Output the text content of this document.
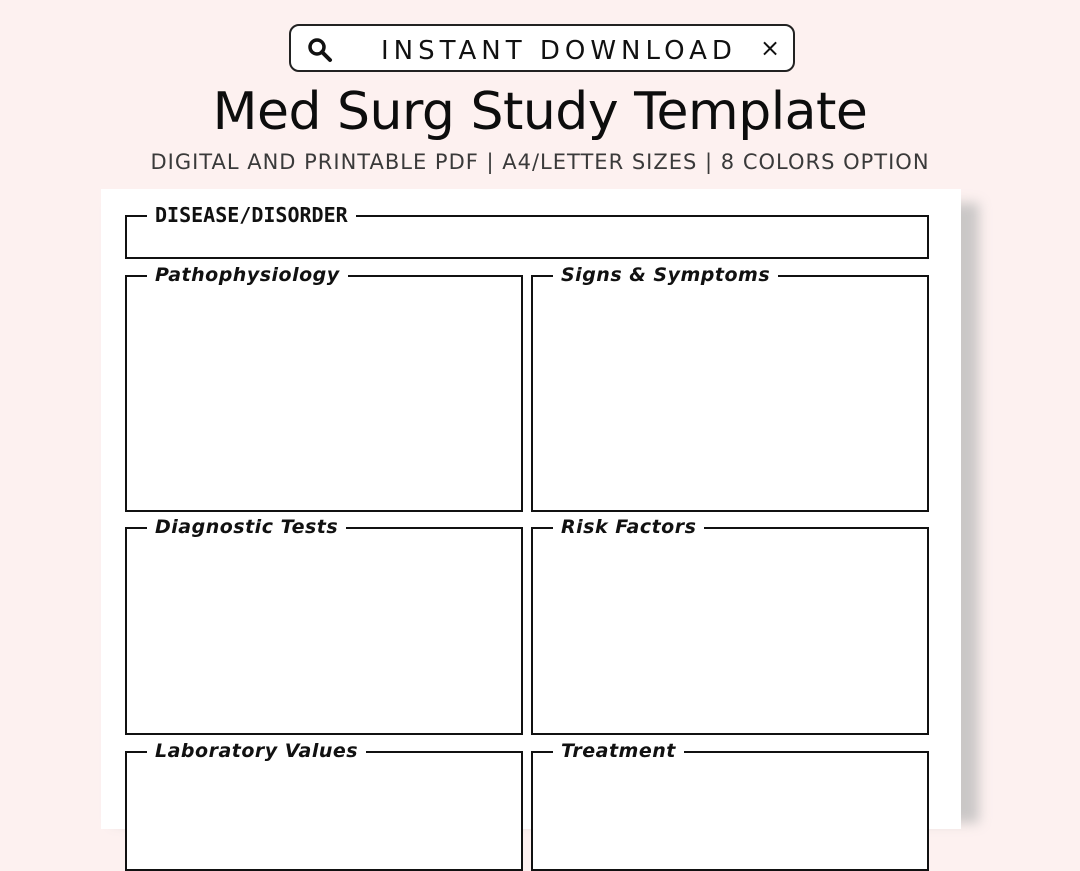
INSTANT DOWNLOAD ×
Med Surg Study Template
DIGITAL AND PRINTABLE PDF | A4/LETTER SIZES | 8 COLORS OPTION
DISEASE/DISORDER
Pathophysiology	Signs & Symptoms
Diagnostic Tests	Risk Factors
Laboratory Values	Treatment
